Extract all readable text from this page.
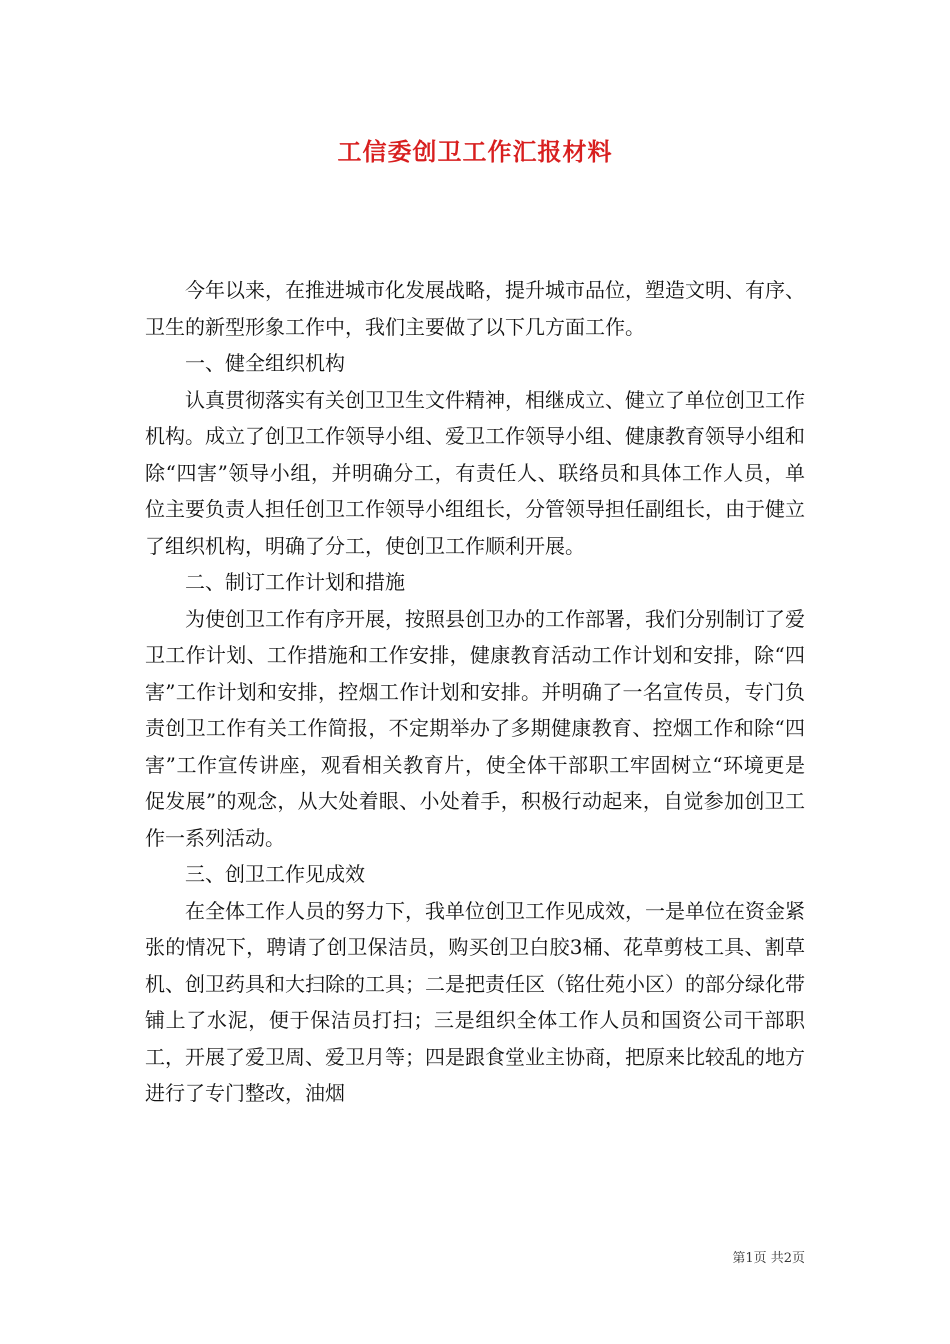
工信委创卫工作汇报材料

今年以来，在推进城市化发展战略，提升城市品位，塑造文明、有序、卫生的新型形象工作中，我们主要做了以下几方面工作。

一、健全组织机构

认真贯彻落实有关创卫卫生文件精神，相继成立、健立了单位创卫工作机构。成立了创卫工作领导小组、爱卫工作领导小组、健康教育领导小组和除“四害”领导小组，并明确分工，有责任人、联络员和具体工作人员，单位主要负责人担任创卫工作领导小组组长，分管领导担任副组长，由于健立了组织机构，明确了分工，使创卫工作顺利开展。

二、制订工作计划和措施

为使创卫工作有序开展，按照县创卫办的工作部署，我们分别制订了爱卫工作计划、工作措施和工作安排，健康教育活动工作计划和安排，除“四害”工作计划和安排，控烟工作计划和安排。并明确了一名宣传员，专门负责创卫工作有关工作简报，不定期举办了多期健康教育、控烟工作和除“四害”工作宣传讲座，观看相关教育片，使全体干部职工牢固树立“环境更是促发展”的观念，从大处着眼、小处着手，积极行动起来，自觉参加创卫工作一系列活动。

三、创卫工作见成效

在全体工作人员的努力下，我单位创卫工作见成效，一是单位在资金紧张的情况下，聘请了创卫保洁员，购买创卫白胶3桶、花草剪枝工具、割草机、创卫药具和大扫除的工具；二是把责任区（铭仕苑小区）的部分绿化带铺上了水泥，便于保洁员打扫；三是组织全体工作人员和国资公司干部职工，开展了爱卫周、爱卫月等；四是跟食堂业主协商，把原来比较乱的地方进行了专门整改，油烟

第1页 共2页
